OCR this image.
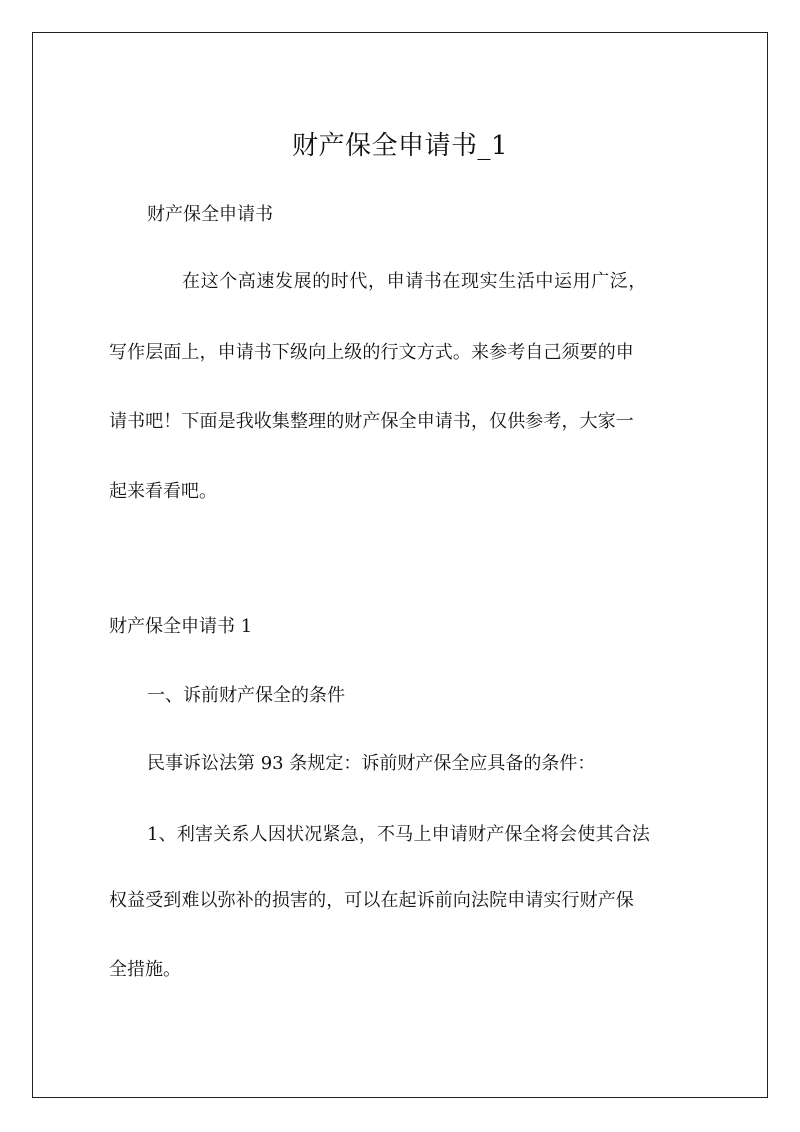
财产保全申请书_1
财产保全申请书
在这个高速发展的时代，申请书在现实生活中运用广泛，
写作层面上，申请书下级向上级的行文方式。来参考自己须要的申
请书吧！下面是我收集整理的财产保全申请书，仅供参考，大家一
起来看看吧。
财产保全申请书 1
一、诉前财产保全的条件
民事诉讼法第 93 条规定：诉前财产保全应具备的条件：
1、利害关系人因状况紧急，不马上申请财产保全将会使其合法
权益受到难以弥补的损害的，可以在起诉前向法院申请实行财产保
全措施。
